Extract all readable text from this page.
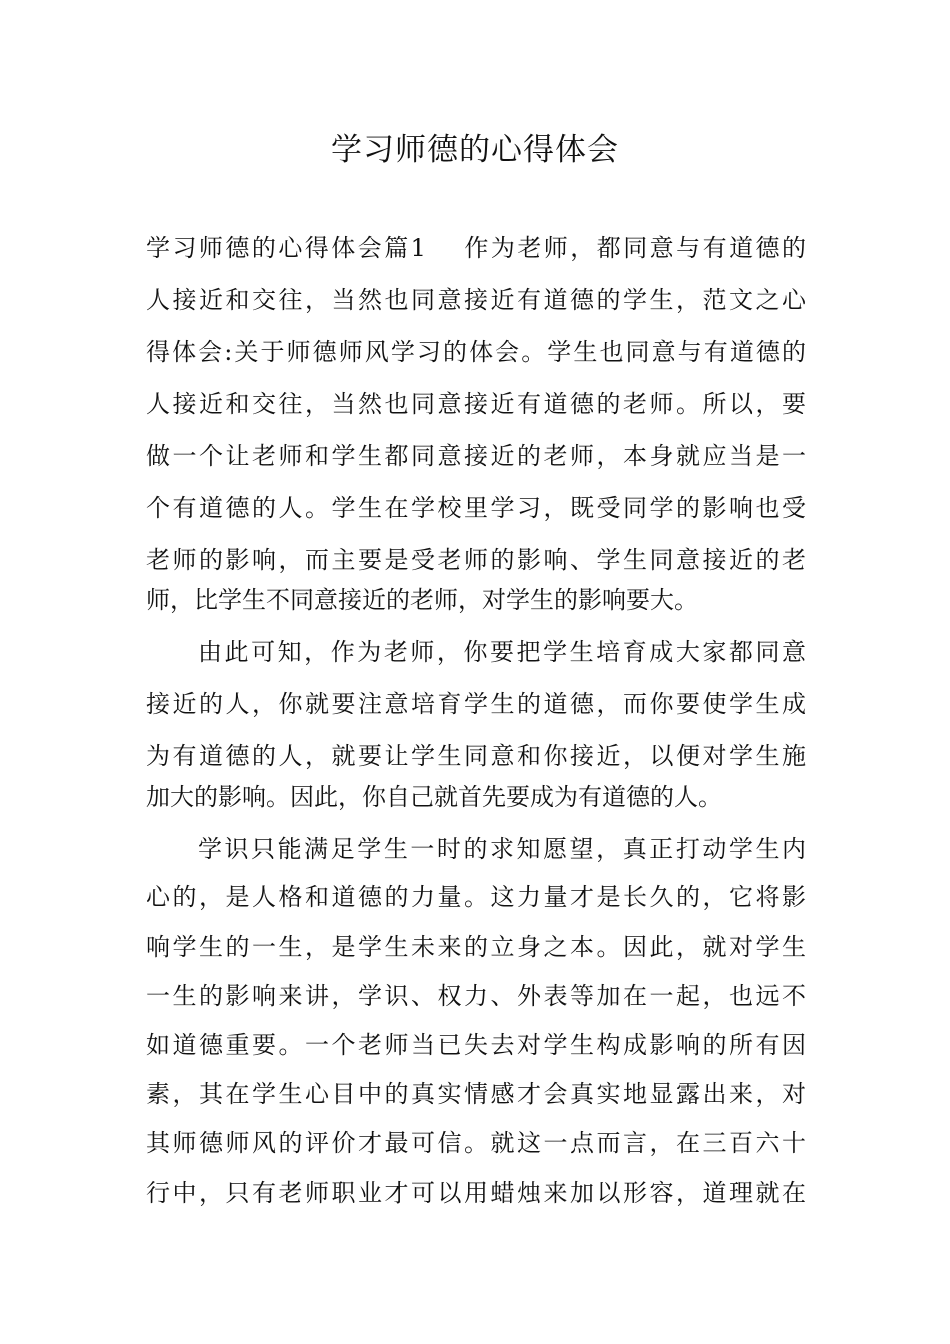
学习师德的心得体会
学习师德的心得体会篇1 作为老师，都同意与有道德的
人接近和交往，当然也同意接近有道德的学生，范文之心
得体会:关于师德师风学习的体会。学生也同意与有道德的
人接近和交往，当然也同意接近有道德的老师。所以，要
做一个让老师和学生都同意接近的老师，本身就应当是一
个有道德的人。学生在学校里学习，既受同学的影响也受
老师的影响，而主要是受老师的影响、学生同意接近的老
师，比学生不同意接近的老师，对学生的影响要大。
由此可知，作为老师，你要把学生培育成大家都同意
接近的人，你就要注意培育学生的道德，而你要使学生成
为有道德的人，就要让学生同意和你接近，以便对学生施
加大的影响。因此，你自己就首先要成为有道德的人。
学识只能满足学生一时的求知愿望，真正打动学生内
心的，是人格和道德的力量。这力量才是长久的，它将影
响学生的一生，是学生未来的立身之本。因此，就对学生
一生的影响来讲，学识、权力、外表等加在一起，也远不
如道德重要。一个老师当已失去对学生构成影响的所有因
素，其在学生心目中的真实情感才会真实地显露出来，对
其师德师风的评价才最可信。就这一点而言，在三百六十
行中，只有老师职业才可以用蜡烛来加以形容，道理就在
